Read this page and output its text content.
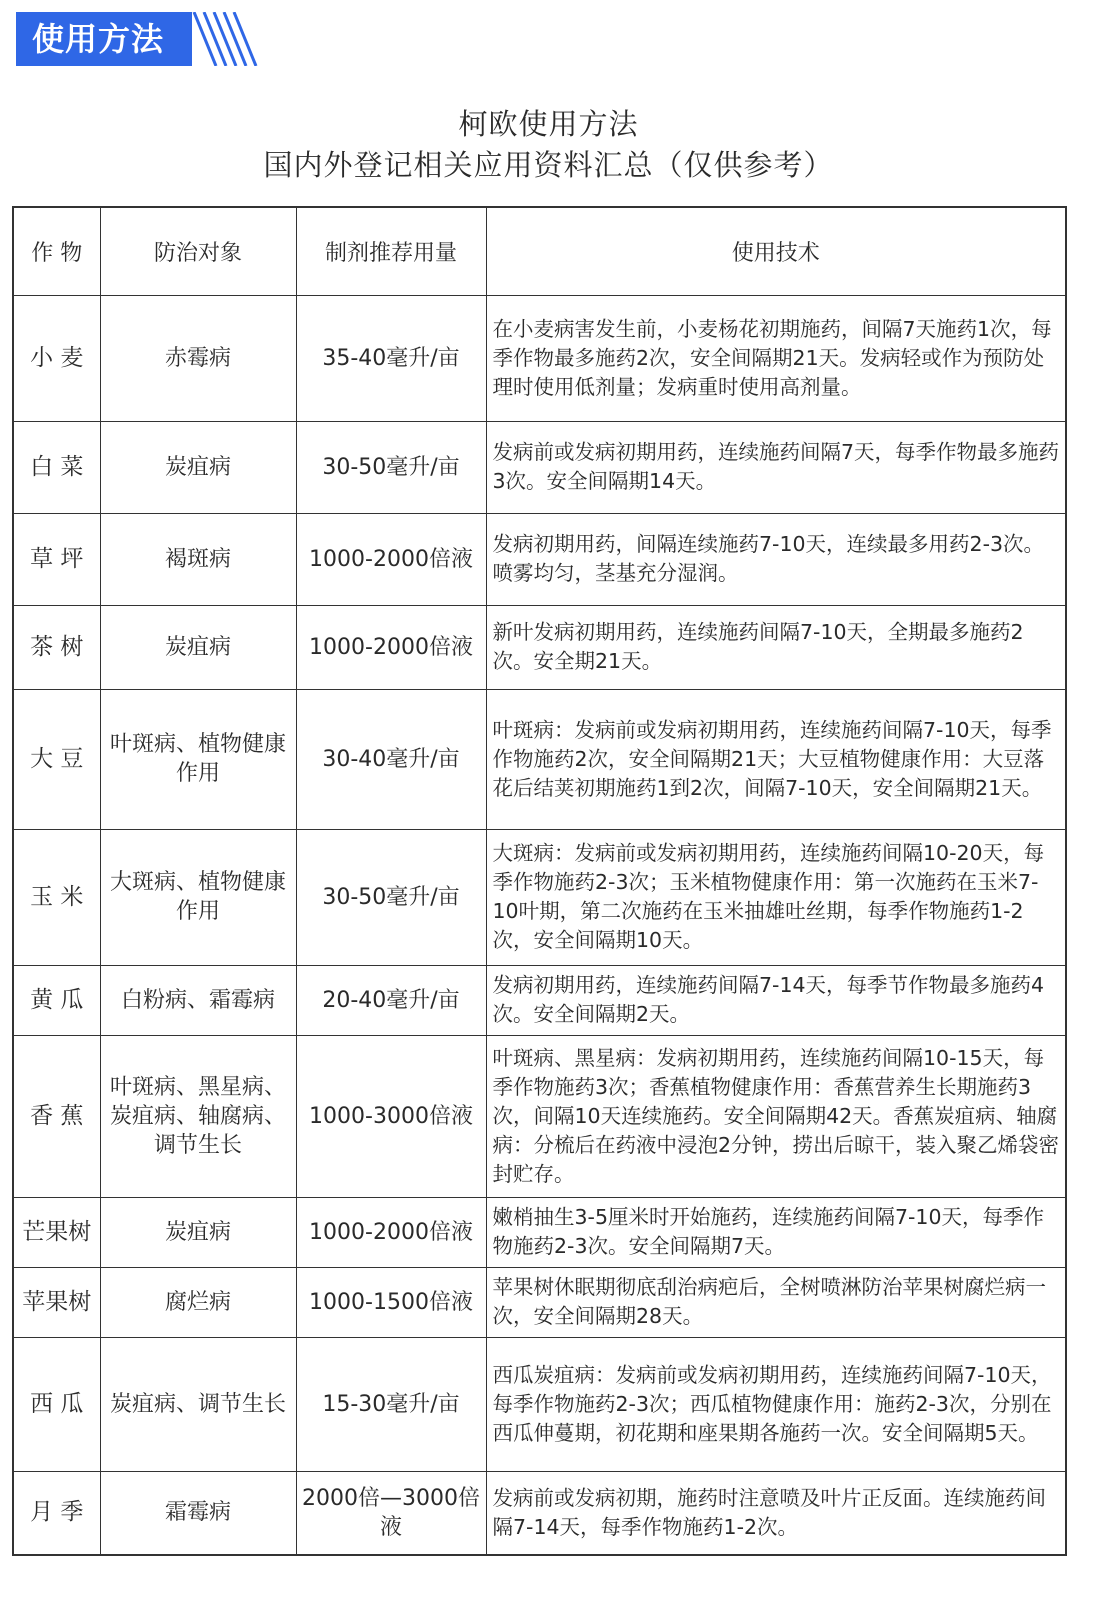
使用方法
柯欧使用方法
国内外登记相关应用资料汇总（仅供参考）
作 物	防治对象	制剂推荐用量	使用技术
小 麦	赤霉病	35-40毫升/亩	在小麦病害发生前，小麦杨花初期施药，间隔7天施药1次，每季作物最多施药2次，安全间隔期21天。发病轻或作为预防处理时使用低剂量；发病重时使用高剂量。
白 菜	炭疽病	30-50毫升/亩	发病前或发病初期用药，连续施药间隔7天，每季作物最多施药3次。安全间隔期14天。
草 坪	褐斑病	1000-2000倍液	发病初期用药，间隔连续施药7-10天，连续最多用药2-3次。喷雾均匀，茎基充分湿润。
茶 树	炭疽病	1000-2000倍液	新叶发病初期用药，连续施药间隔7-10天，全期最多施药2次。安全期21天。
大 豆	叶斑病、植物健康作用	30-40毫升/亩	叶斑病：发病前或发病初期用药，连续施药间隔7-10天，每季作物施药2次，安全间隔期21天；大豆植物健康作用：大豆落花后结荚初期施药1到2次，间隔7-10天，安全间隔期21天。
玉 米	大斑病、植物健康作用	30-50毫升/亩	大斑病：发病前或发病初期用药，连续施药间隔10-20天，每季作物施药2-3次；玉米植物健康作用：第一次施药在玉米7-10叶期，第二次施药在玉米抽雄吐丝期，每季作物施药1-2次，安全间隔期10天。
黄 瓜	白粉病、霜霉病	20-40毫升/亩	发病初期用药，连续施药间隔7-14天，每季节作物最多施药4次。安全间隔期2天。
香 蕉	叶斑病、黑星病、炭疽病、轴腐病、调节生长	1000-3000倍液	叶斑病、黑星病：发病初期用药，连续施药间隔10-15天，每季作物施药3次；香蕉植物健康作用：香蕉营养生长期施药3次，间隔10天连续施药。安全间隔期42天。香蕉炭疽病、轴腐病：分梳后在药液中浸泡2分钟，捞出后晾干，装入聚乙烯袋密封贮存。
芒果树	炭疽病	1000-2000倍液	嫩梢抽生3-5厘米时开始施药，连续施药间隔7-10天，每季作物施药2-3次。安全间隔期7天。
苹果树	腐烂病	1000-1500倍液	苹果树休眠期彻底刮治病疤后，全树喷淋防治苹果树腐烂病一次，安全间隔期28天。
西 瓜	炭疽病、调节生长	15-30毫升/亩	西瓜炭疽病：发病前或发病初期用药，连续施药间隔7-10天，每季作物施药2-3次；西瓜植物健康作用：施药2-3次，分别在西瓜伸蔓期，初花期和座果期各施药一次。安全间隔期5天。
月 季	霜霉病	2000倍—3000倍液	发病前或发病初期，施药时注意喷及叶片正反面。连续施药间隔7-14天，每季作物施药1-2次。
